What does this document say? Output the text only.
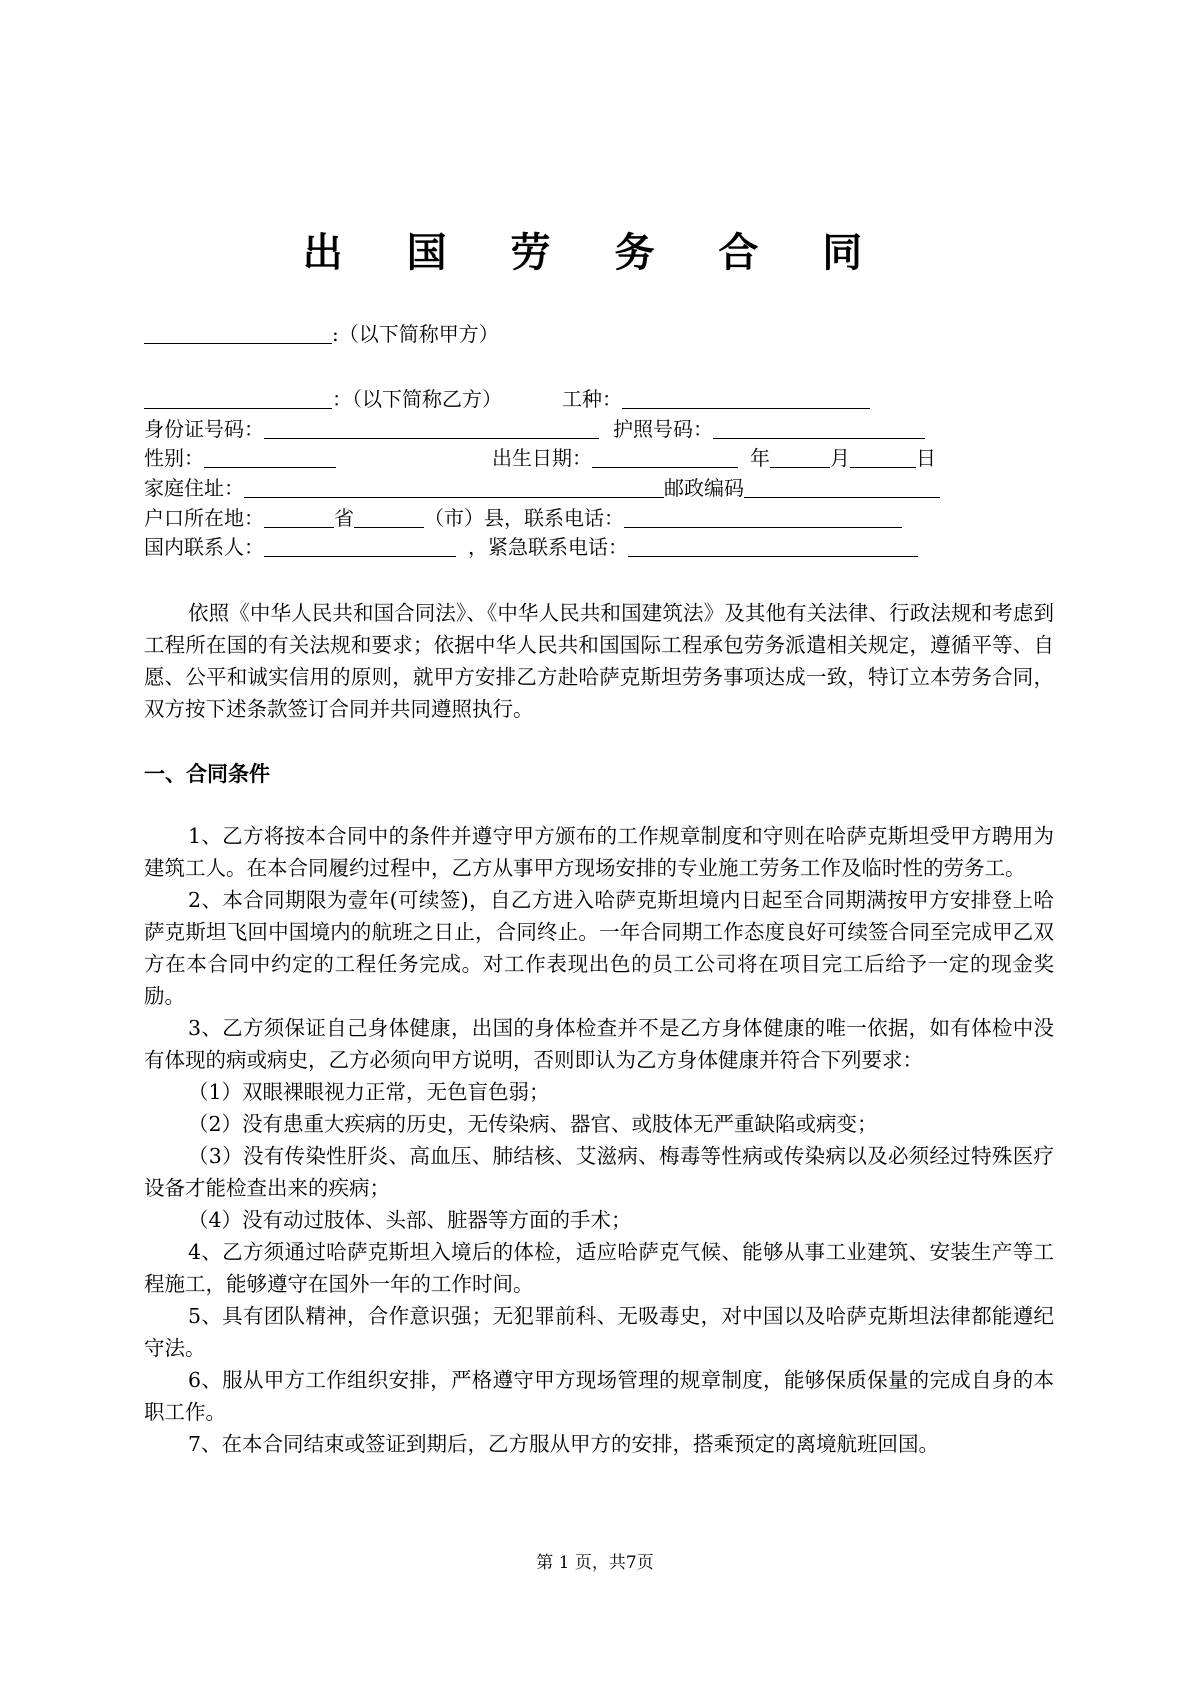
出 国 劳 务 合 同
:（以下简称甲方）
：（以下简称乙方）	工种：
身份证号码：	护照号码：
性别：	出生日期：	年	月	日
家庭住址：	邮政编码
户口所在地：	省	（市）县，联系电话：
国内联系人：	，紧急联系电话：

依照《中华人民共和国合同法》、《中华人民共和国建筑法》及其他有关法律、行政法规和考虑到工程所在国的有关法规和要求；依据中华人民共和国国际工程承包劳务派遣相关规定，遵循平等、自愿、公平和诚实信用的原则，就甲方安排乙方赴哈萨克斯坦劳务事项达成一致，特订立本劳务合同，双方按下述条款签订合同并共同遵照执行。

一、合同条件

1、乙方将按本合同中的条件并遵守甲方颁布的工作规章制度和守则在哈萨克斯坦受甲方聘用为建筑工人。在本合同履约过程中，乙方从事甲方现场安排的专业施工劳务工作及临时性的劳务工。

2、本合同期限为壹年(可续签)，自乙方进入哈萨克斯坦境内日起至合同期满按甲方安排登上哈萨克斯坦飞回中国境内的航班之日止，合同终止。一年合同期工作态度良好可续签合同至完成甲乙双方在本合同中约定的工程任务完成。对工作表现出色的员工公司将在项目完工后给予一定的现金奖励。

3、乙方须保证自己身体健康，出国的身体检查并不是乙方身体健康的唯一依据，如有体检中没有体现的病或病史，乙方必须向甲方说明，否则即认为乙方身体健康并符合下列要求：

（1）双眼裸眼视力正常，无色盲色弱；

（2）没有患重大疾病的历史，无传染病、器官、或肢体无严重缺陷或病变；

（3）没有传染性肝炎、高血压、肺结核、艾滋病、梅毒等性病或传染病以及必须经过特殊医疗设备才能检查出来的疾病；

（4）没有动过肢体、头部、脏器等方面的手术；

4、乙方须通过哈萨克斯坦入境后的体检，适应哈萨克气候、能够从事工业建筑、安装生产等工程施工，能够遵守在国外一年的工作时间。

5、具有团队精神，合作意识强；无犯罪前科、无吸毒史，对中国以及哈萨克斯坦法律都能遵纪守法。

6、服从甲方工作组织安排，严格遵守甲方现场管理的规章制度，能够保质保量的完成自身的本职工作。

7、在本合同结束或签证到期后，乙方服从甲方的安排，搭乘预定的离境航班回国。

第 1 页，共7页
